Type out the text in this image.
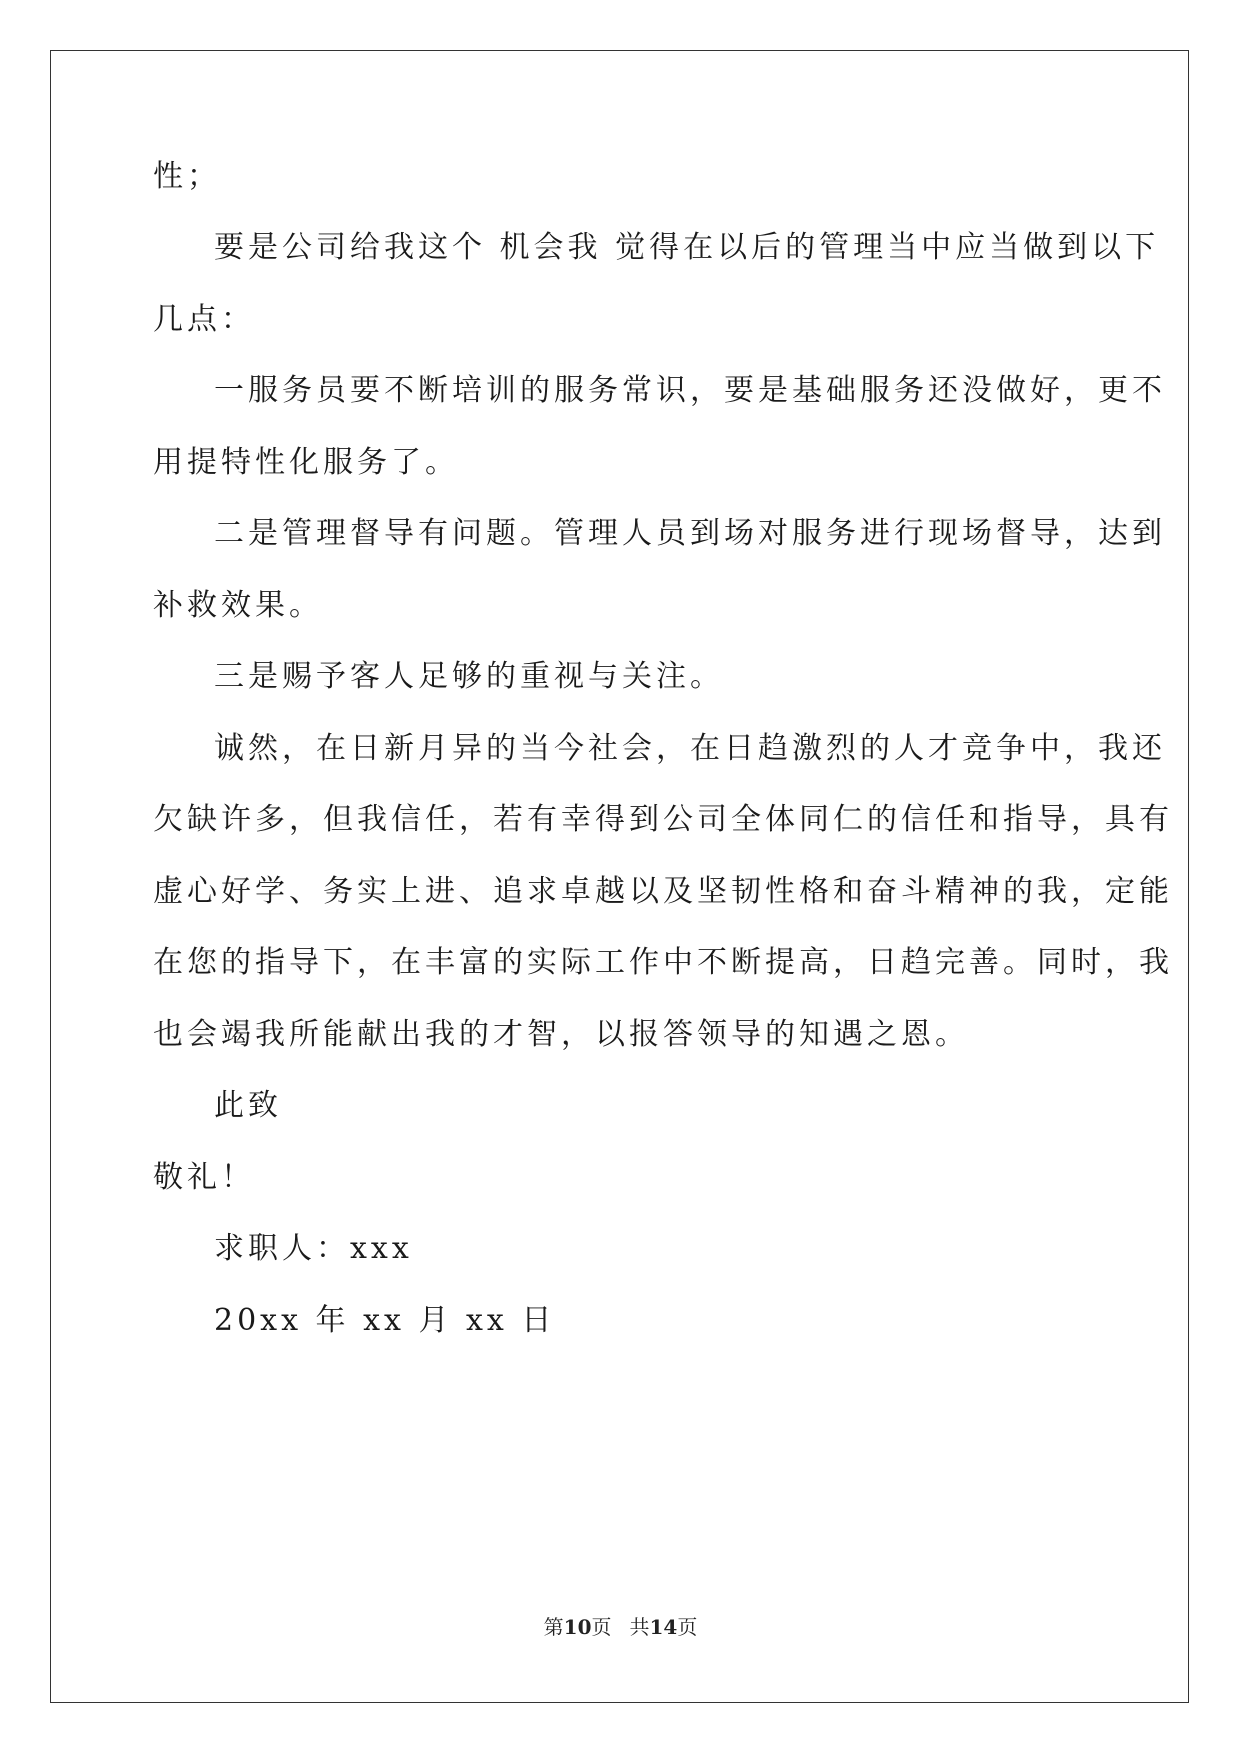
性；
要是公司给我这个 机会我 觉得在以后的管理当中应当做到以下
几点：
一服务员要不断培训的服务常识，要是基础服务还没做好，更不
用提特性化服务了。
二是管理督导有问题。管理人员到场对服务进行现场督导，达到
补救效果。
三是赐予客人足够的重视与关注。
诚然，在日新月异的当今社会，在日趋激烈的人才竞争中，我还
欠缺许多，但我信任，若有幸得到公司全体同仁的信任和指导，具有
虚心好学、务实上进、追求卓越以及坚韧性格和奋斗精神的我，定能
在您的指导下，在丰富的实际工作中不断提高，日趋完善。同时，我
也会竭我所能献出我的才智，以报答领导的知遇之恩。
此致
敬礼！
求职人：xxx
20xx 年 xx 月 xx 日
第10页 共14页
